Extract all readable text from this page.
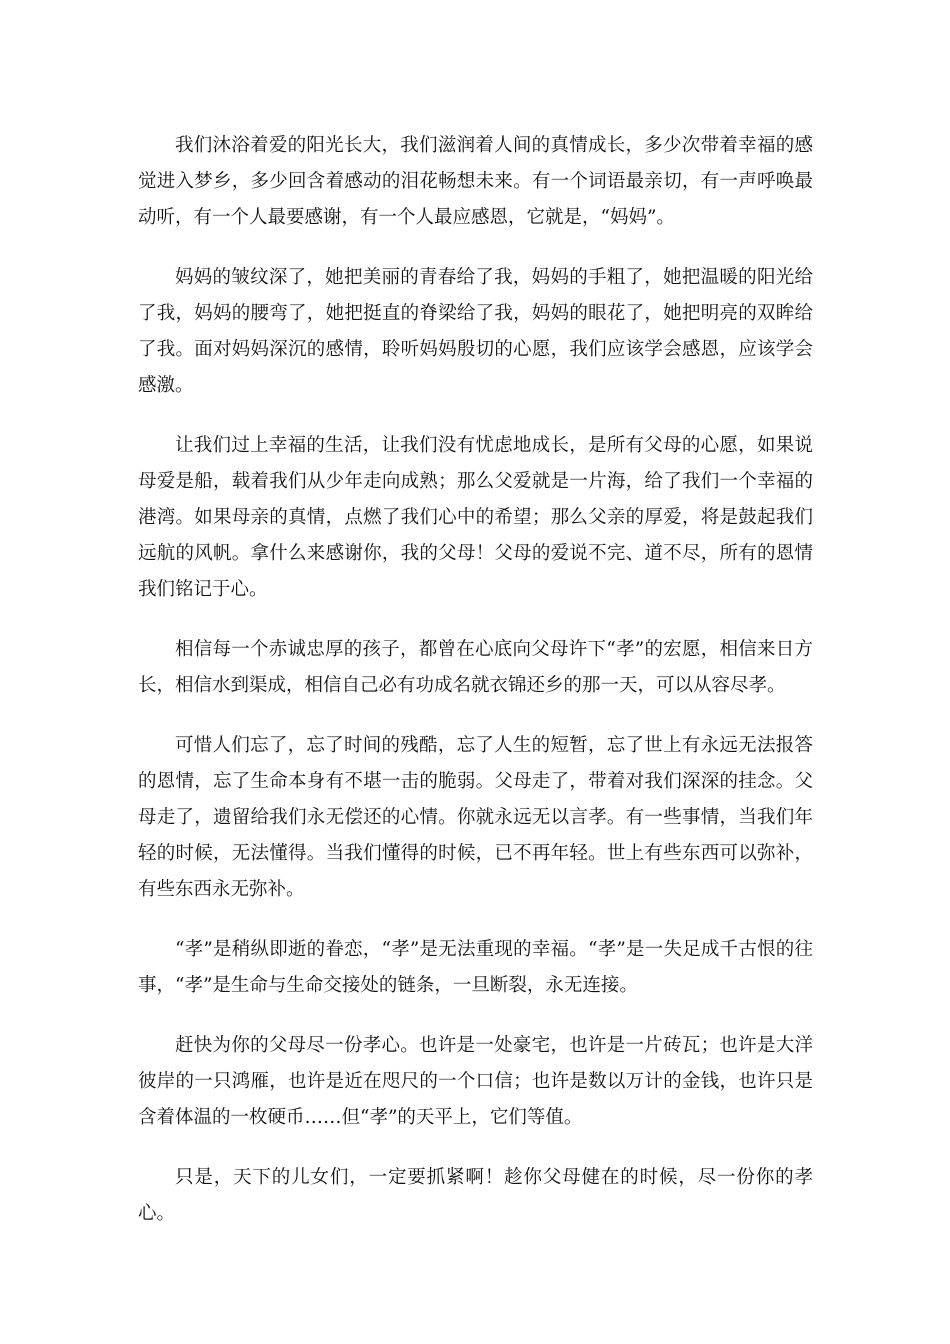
我们沐浴着爱的阳光长大，我们滋润着人间的真情成长，多少次带着幸福的感觉进入梦乡，多少回含着感动的泪花畅想未来。有一个词语最亲切，有一声呼唤最动听，有一个人最要感谢，有一个人最应感恩，它就是，“妈妈”。

妈妈的皱纹深了，她把美丽的青春给了我，妈妈的手粗了，她把温暖的阳光给了我，妈妈的腰弯了，她把挺直的脊梁给了我，妈妈的眼花了，她把明亮的双眸给了我。面对妈妈深沉的感情，聆听妈妈殷切的心愿，我们应该学会感恩，应该学会感激。

让我们过上幸福的生活，让我们没有忧虑地成长，是所有父母的心愿，如果说母爱是船，载着我们从少年走向成熟；那么父爱就是一片海，给了我们一个幸福的港湾。如果母亲的真情，点燃了我们心中的希望；那么父亲的厚爱，将是鼓起我们远航的风帆。拿什么来感谢你，我的父母！父母的爱说不完、道不尽，所有的恩情我们铭记于心。

相信每一个赤诚忠厚的孩子，都曾在心底向父母许下“孝”的宏愿，相信来日方长，相信水到渠成，相信自己必有功成名就衣锦还乡的那一天，可以从容尽孝。

可惜人们忘了，忘了时间的残酷，忘了人生的短暂，忘了世上有永远无法报答的恩情，忘了生命本身有不堪一击的脆弱。父母走了，带着对我们深深的挂念。父母走了，遗留给我们永无偿还的心情。你就永远无以言孝。有一些事情，当我们年轻的时候，无法懂得。当我们懂得的时候，已不再年轻。世上有些东西可以弥补，有些东西永无弥补。

“孝”是稍纵即逝的眷恋，“孝”是无法重现的幸福。“孝”是一失足成千古恨的往事，“孝”是生命与生命交接处的链条，一旦断裂，永无连接。

赶快为你的父母尽一份孝心。也许是一处豪宅，也许是一片砖瓦；也许是大洋彼岸的一只鸿雁，也许是近在咫尺的一个口信；也许是数以万计的金钱，也许只是含着体温的一枚硬币……但“孝”的天平上，它们等值。

只是，天下的儿女们，一定要抓紧啊！趁你父母健在的时候，尽一份你的孝心。
